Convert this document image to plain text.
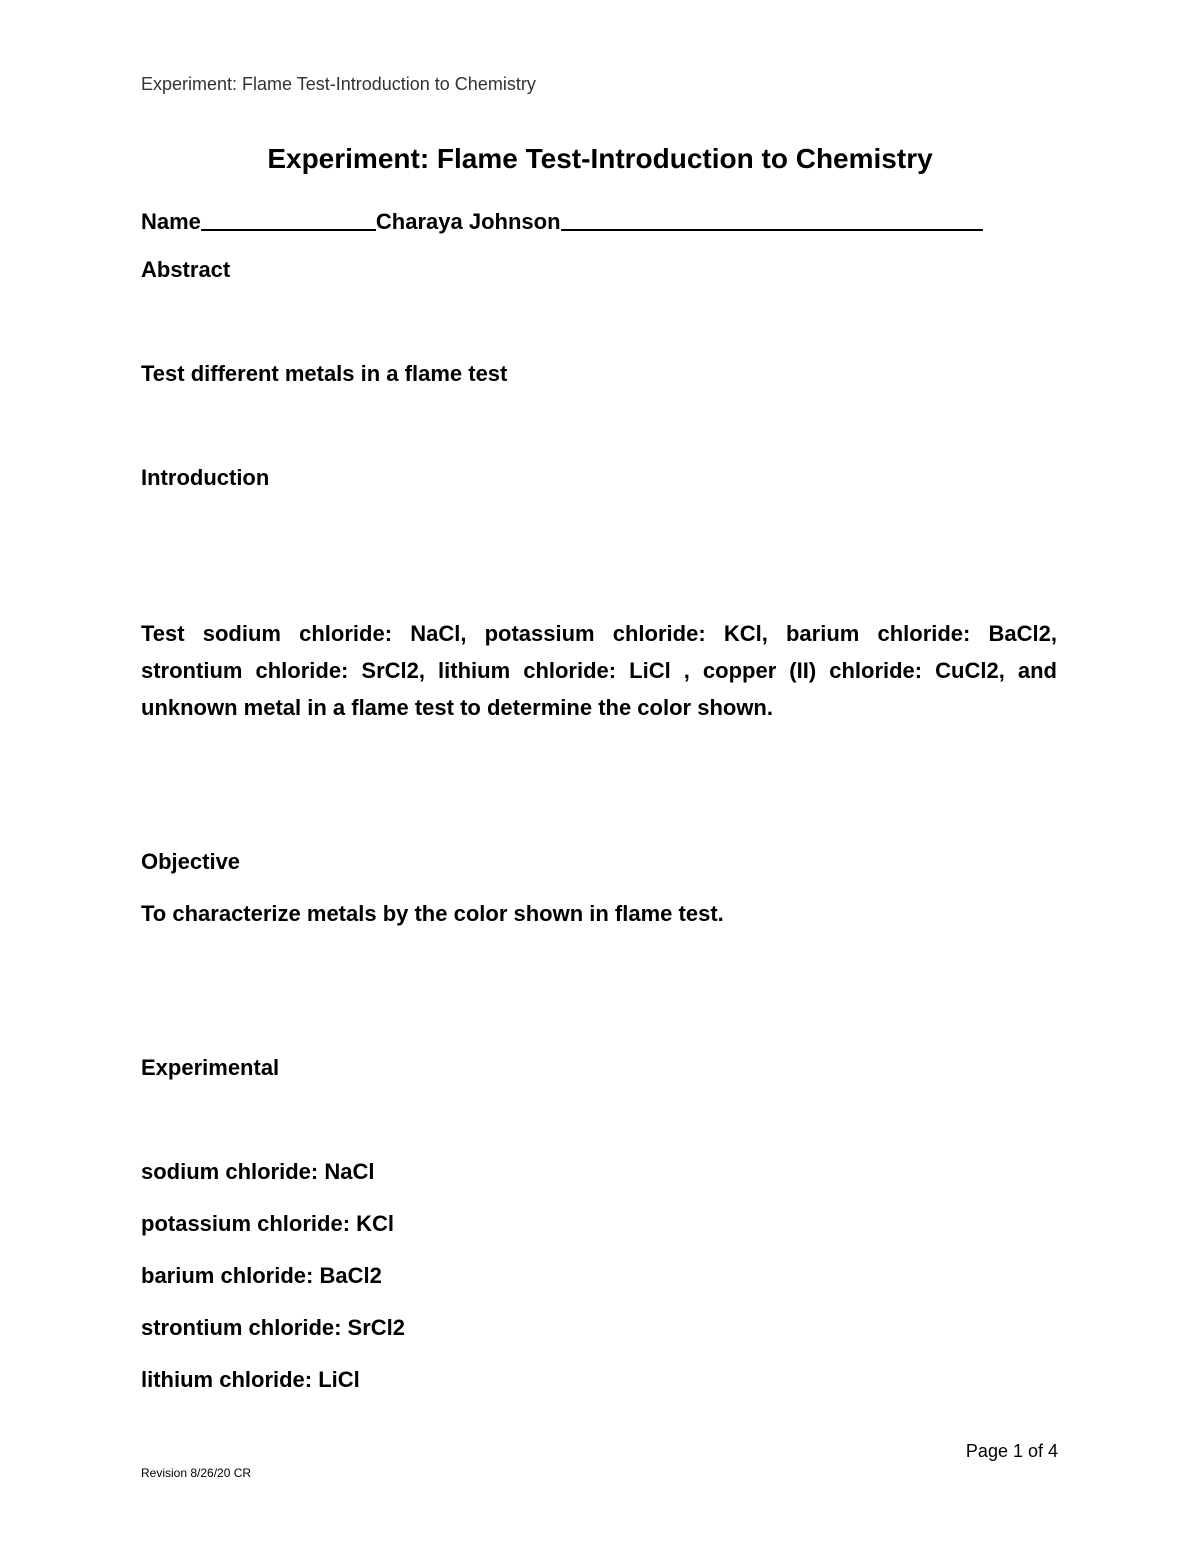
Experiment: Flame Test-Introduction to Chemistry
Experiment: Flame Test-Introduction to Chemistry
Name	Charaya Johnson
Abstract
Test different metals in a flame test
Introduction
Test sodium chloride: NaCl, potassium chloride: KCl, barium chloride: BaCl2,
strontium chloride: SrCl2, lithium chloride: LiCl , copper (II) chloride: CuCl2, and
unknown metal in a flame test to determine the color shown.
Objective
To characterize metals by the color shown in flame test.
Experimental
sodium chloride: NaCl
potassium chloride: KCl
barium chloride: BaCl2
strontium chloride: SrCl2
lithium chloride: LiCl
Page 1 of 4
Revision 8/26/20 CR
